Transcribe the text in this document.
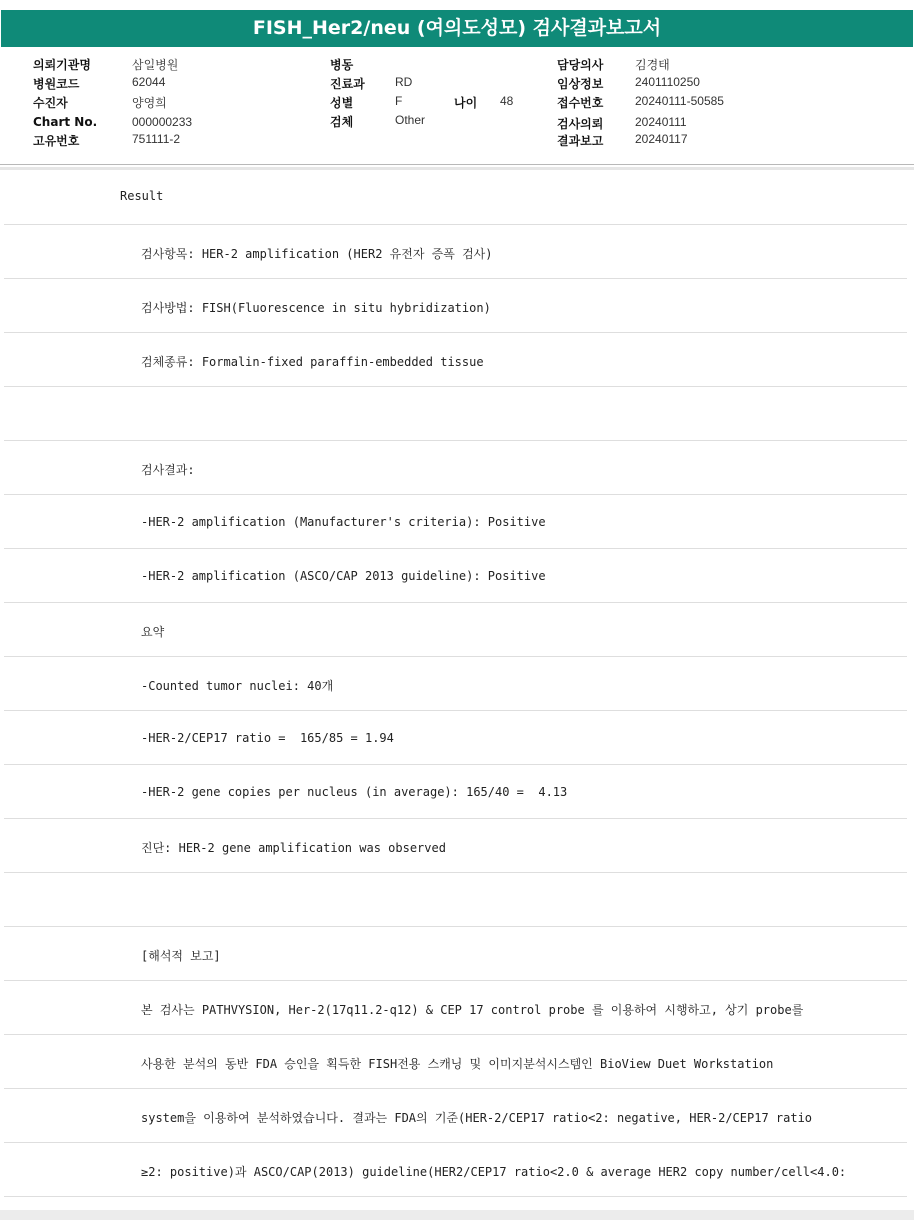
FISH_Her2/neu (여의도성모) 검사결과보고서
의뢰기관명	삼일병원
병원코드	62044
수진자	양영희
Chart No.	000000233
고유번호	751111-2
병동
진료과	RD
성별	F
검체	Other
나이 48
담당의사	김경태
임상정보	2401110250
접수번호	20240111-50585
검사의뢰	20240111
결과보고	20240117
Result
검사항목: HER-2 amplification (HER2 유전자 증폭 검사)
검사방법: FISH(Fluorescence in situ hybridization)
검체종류: Formalin-fixed paraffin-embedded tissue
검사결과:
-HER-2 amplification (Manufacturer's criteria): Positive
-HER-2 amplification (ASCO/CAP 2013 guideline): Positive
요약
-Counted tumor nuclei: 40개
-HER-2/CEP17 ratio =  165/85 = 1.94
-HER-2 gene copies per nucleus (in average): 165/40 =  4.13
진단: HER-2 gene amplification was observed
[해석적 보고]
본 검사는 PATHVYSION, Her-2(17q11.2-q12) & CEP 17 control probe 를 이용하여 시행하고, 상기 probe를
사용한 분석의 동반 FDA 승인을 획득한 FISH전용 스캐닝 및 이미지분석시스템인 BioView Duet Workstation
system을 이용하여 분석하였습니다. 결과는 FDA의 기준(HER-2/CEP17 ratio<2: negative, HER-2/CEP17 ratio
≥2: positive)과 ASCO/CAP(2013) guideline(HER2/CEP17 ratio<2.0 & average HER2 copy number/cell<4.0:
